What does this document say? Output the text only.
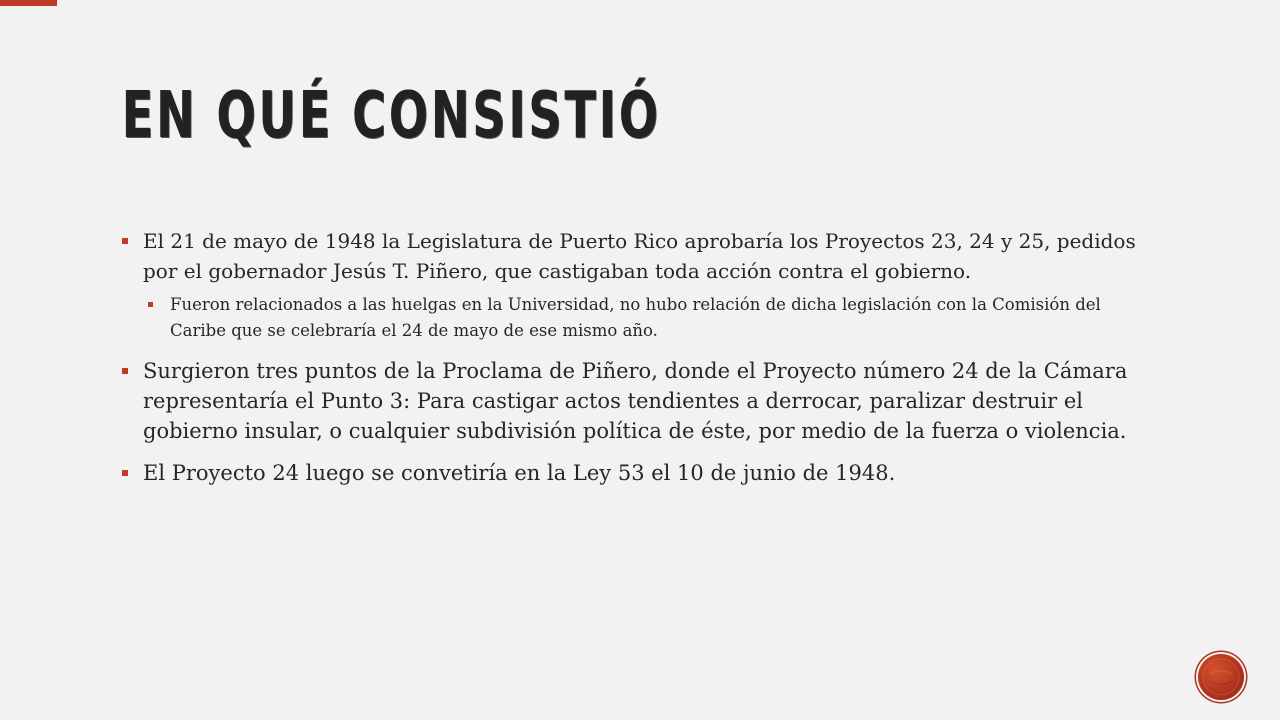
EN QUÉ CONSISTIÓ
El 21 de mayo de 1948 la Legislatura de Puerto Rico aprobaría los Proyectos 23, 24 y 25, pedidos por el gobernador Jesús T. Piñero, que castigaban toda acción contra el gobierno.
Fueron relacionados a las huelgas en la Universidad, no hubo relación de dicha legislación con la Comisión del Caribe que se celebraría el 24 de mayo de ese mismo año.
Surgieron tres puntos de la Proclama de Piñero, donde el Proyecto número 24 de la Cámara representaría el Punto 3: Para castigar actos tendientes a derrocar, paralizar destruir el gobierno insular, o cualquier subdivisión política de éste, por medio de la fuerza o violencia.
El Proyecto 24 luego se convetiría en la Ley 53 el 10 de junio de 1948.
